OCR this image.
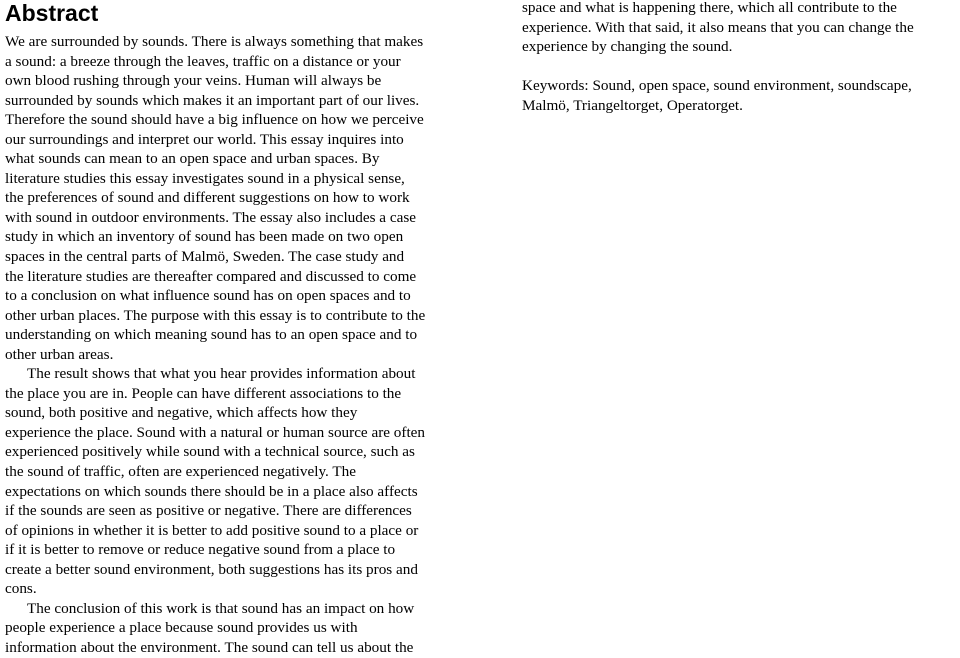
Abstract
We are surrounded by sounds. There is always something that makes
a sound: a breeze through the leaves, traffic on a distance or your
own blood rushing through your veins. Human will always be
surrounded by sounds which makes it an important part of our lives.
Therefore the sound should have a big influence on how we perceive
our surroundings and interpret our world. This essay inquires into
what sounds can mean to an open space and urban spaces. By
literature studies this essay investigates sound in a physical sense,
the preferences of sound and different suggestions on how to work
with sound in outdoor environments. The essay also includes a case
study in which an inventory of sound has been made on two open
spaces in the central parts of Malmö, Sweden. The case study and
the literature studies are thereafter compared and discussed to come
to a conclusion on what influence sound has on open spaces and to
other urban places. The purpose with this essay is to contribute to the
understanding on which meaning sound has to an open space and to
other urban areas.
The result shows that what you hear provides information about
the place you are in. People can have different associations to the
sound, both positive and negative, which affects how they
experience the place. Sound with a natural or human source are often
experienced positively while sound with a technical source, such as
the sound of traffic, often are experienced negatively. The
expectations on which sounds there should be in a place also affects
if the sounds are seen as positive or negative. There are differences
of opinions in whether it is better to add positive sound to a place or
if it is better to remove or reduce negative sound from a place to
create a better sound environment, both suggestions has its pros and
cons.
The conclusion of this work is that sound has an impact on how
people experience a place because sound provides us with
information about the environment. The sound can tell us about the
space and what is happening there, which all contribute to the
experience. With that said, it also means that you can change the
experience by changing the sound.
Keywords: Sound, open space, sound environment, soundscape,
Malmö, Triangeltorget, Operatorget.
